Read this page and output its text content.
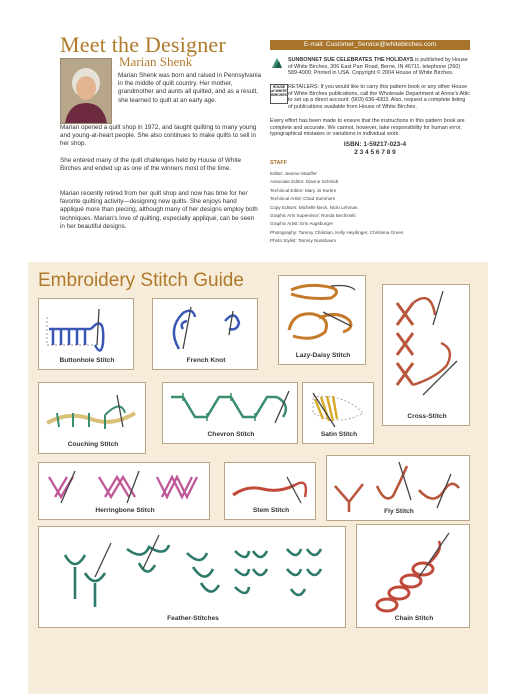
Meet the Designer
Marian Shenk
Marian Shenk was born and raised in Pennsylvania in the middle of quilt country. Her mother, grandmother and aunts all quilted, and as a result, she learned to quilt at an early age.
Marian opened a quilt shop in 1972, and taught quilting to many young and young-at-heart people. She also continues to make quilts to sell in her shop.
She entered many of the quilt challenges held by House of White Birches and ended up as one of the winners most of the time.
Marian recently retired from her quilt shop and now has time for her favorite quilting activity—designing new quilts. She enjoys hand appliqué more than piecing, although many of her designs employ both techniques. Marian's love of quilting, especially appliqué, can be seen in her beautiful designs.
E-mail: Customer_Service@whitebirches.com
SUNBONNET SUE CELEBRATES THE HOLIDAYS is published by House of White Birches, 306 East Parr Road, Berne, IN 46711, telephone (260) 589-4000. Printed in USA. Copyright © 2004 House of White Birches.
HOUSE of WHITE BIRCHES
RETAILERS: If you would like to carry this pattern book or any other House of White Birches publications, call the Wholesale Department at Annie's Attic to set up a direct account: (903) 636-4303. Also, request a complete listing of publications available from House of White Birches.
Every effort has been made to ensure that the instructions in this pattern book are complete and accurate. We cannot, however, take responsibility for human error, typographical mistakes or variations in individual work.
ISBN: 1-59217-023-4
2 3 4 5 6 7 8 9
STAFF
Editor: Jeanne Stauffer
Associate Editor: Dianne Schmidt
Technical Editor: Mary Jo Kurten
Technical Artist: Chad Summers
Copy Editors: Michelle Beck, Nicki Lehman
Graphic Arts Supervisor: Ronda Bechinski
Graphic Artist: Erin Augsburger
Photography: Tammy Christian, Kelly Heydinger, Christena Green
Photo Stylist: Tammy Nussbaum
Embroidery Stitch Guide
Buttonhole Stitch	French Knot
Lazy-Daisy Stitch
Cross-Stitch
Couching Stitch
Chevron Stitch	Satin Stitch
Herringbone Stitch	Stem Stitch	Fly Stitch
Feather-Stitches	Chain Stitch
